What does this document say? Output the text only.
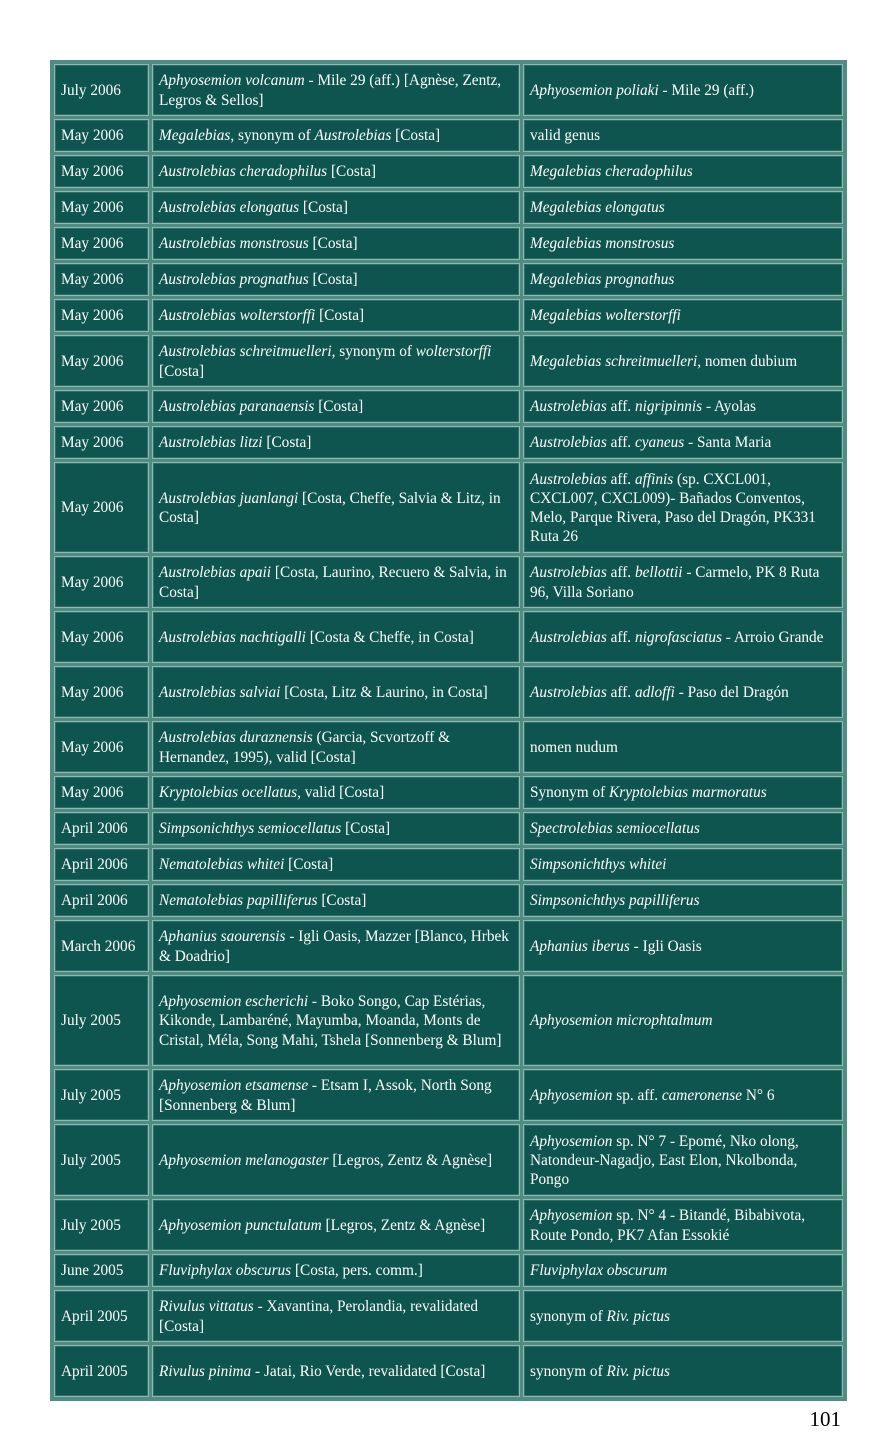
July 2006	Aphyosemion volcanum - Mile 29 (aff.) [Agnèse, Zentz, Legros & Sellos]	Aphyosemion poliaki - Mile 29 (aff.)
May 2006	Megalebias, synonym of Austrolebias [Costa]	valid genus
May 2006	Austrolebias cheradophilus [Costa]	Megalebias cheradophilus
May 2006	Austrolebias elongatus [Costa]	Megalebias elongatus
May 2006	Austrolebias monstrosus [Costa]	Megalebias monstrosus
May 2006	Austrolebias prognathus [Costa]	Megalebias prognathus
May 2006	Austrolebias wolterstorffi [Costa]	Megalebias wolterstorffi
May 2006	Austrolebias schreitmuelleri, synonym of wolterstorffi [Costa]	Megalebias schreitmuelleri, nomen dubium
May 2006	Austrolebias paranaensis [Costa]	Austrolebias aff. nigripinnis - Ayolas
May 2006	Austrolebias litzi [Costa]	Austrolebias aff. cyaneus - Santa Maria
May 2006	Austrolebias juanlangi [Costa, Cheffe, Salvia & Litz, in Costa]	Austrolebias aff. affinis (sp. CXCL001, CXCL007, CXCL009)- Bañados Conventos, Melo, Parque Rivera, Paso del Dragón, PK331 Ruta 26
May 2006	Austrolebias apaii [Costa, Laurino, Recuero & Salvia, in Costa]	Austrolebias aff. bellottii - Carmelo, PK 8 Ruta 96, Villa Soriano
May 2006	Austrolebias nachtigalli [Costa & Cheffe, in Costa]	Austrolebias aff. nigrofasciatus - Arroio Grande
May 2006	Austrolebias salviai [Costa, Litz & Laurino, in Costa]	Austrolebias aff. adloffi - Paso del Dragón
May 2006	Austrolebias duraznensis (Garcia, Scvortzoff & Hernandez, 1995), valid [Costa]	nomen nudum
May 2006	Kryptolebias ocellatus, valid [Costa]	Synonym of Kryptolebias marmoratus
April 2006	Simpsonichthys semiocellatus [Costa]	Spectrolebias semiocellatus
April 2006	Nematolebias whitei [Costa]	Simpsonichthys whitei
April 2006	Nematolebias papilliferus [Costa]	Simpsonichthys papilliferus
March 2006	Aphanius saourensis - Igli Oasis, Mazzer [Blanco, Hrbek & Doadrio]	Aphanius iberus - Igli Oasis
July 2005	Aphyosemion escherichi - Boko Songo, Cap Estérias, Kikonde, Lambaréné, Mayumba, Moanda, Monts de Cristal, Méla, Song Mahi, Tshela [Sonnenberg & Blum]	Aphyosemion microphtalmum
July 2005	Aphyosemion etsamense - Etsam I, Assok, North Song [Sonnenberg & Blum]	Aphyosemion sp. aff. cameronense N° 6
July 2005	Aphyosemion melanogaster [Legros, Zentz & Agnèse]	Aphyosemion sp. N° 7 - Epomé, Nko olong, Natondeur-Nagadjo, East Elon, Nkolbonda, Pongo
July 2005	Aphyosemion punctulatum [Legros, Zentz & Agnèse]	Aphyosemion sp. N° 4 - Bitandé, Bibabivota, Route Pondo, PK7 Afan Essokié
June 2005	Fluviphylax obscurus [Costa, pers. comm.]	Fluviphylax obscurum
April 2005	Rivulus vittatus - Xavantina, Perolandia, revalidated [Costa]	synonym of Riv. pictus
April 2005	Rivulus pinima - Jatai, Rio Verde, revalidated [Costa]	synonym of Riv. pictus
101
